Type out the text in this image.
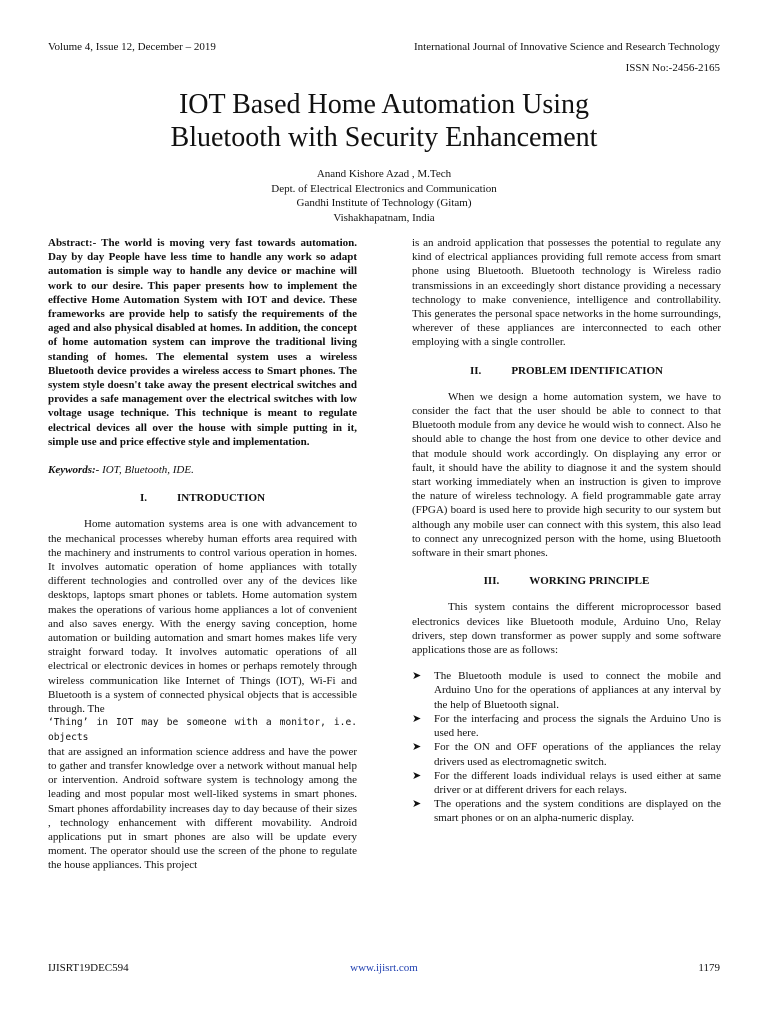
Volume 4, Issue 12, December – 2019	International Journal of Innovative Science and Research Technology
ISSN No:-2456-2165
IOT Based Home Automation Using
Bluetooth with Security Enhancement
Anand Kishore Azad , M.Tech
Dept. of Electrical Electronics and Communication
Gandhi Institute of Technology (Gitam)
Vishakhapatnam, India

Abstract:- The world is moving very fast towards automation. Day by day People have less time to handle any work so adapt automation is simple way to handle any device or machine will work to our desire. This paper presents how to implement the effective Home Automation System with IOT and device. These frameworks are provide help to satisfy the requirements of the aged and also physical disabled at homes. In addition, the concept of home automation system can improve the traditional living standing of homes. The elemental system uses a wireless Bluetooth device provides a wireless access to Smart phones. The system style doesn't take away the present electrical switches and provides a safe management over the electrical switches with low voltage usage technique. This technique is meant to regulate electrical devices all over the house with simple putting in it, simple use and price effective style and implementation.

Keywords:- IOT, Bluetooth, IDE.

I.	INTRODUCTION

Home automation systems area is one with advancement to the mechanical processes whereby human efforts area required with the machinery and instruments to control various operation in homes. It involves automatic operation of home appliances with totally different technologies and controlled over any of the devices like desktops, laptops smart phones or tablets. Home automation system makes the operations of various home appliances a lot of convenient and also saves energy. With the energy saving conception, home automation or building automation and smart homes makes life very straight forward today. It involves automatic operations of all electrical or electronic devices in homes or perhaps remotely through wireless communication like Internet of Things (IOT), Wi-Fi and Bluetooth is a system of connected physical objects that is accessible through. The

‘Thing’ in IOT may be someone with a monitor, i.e. objects

that are assigned an information science address and have the power to gather and transfer knowledge over a network without manual help or intervention. Android software system is technology among the leading and most popular most well-liked systems in smart phones. Smart phones affordability increases day to day because of their sizes , technology enhancement with different movability. Android applications put in smart phones are also will be update every moment. The operator should use the screen of the phone to regulate the house appliances. This project

is an android application that possesses the potential to regulate any kind of electrical appliances providing full remote access from smart phone using Bluetooth. Bluetooth technology is Wireless radio transmissions in an exceedingly short distance providing a necessary technology to make convenience, intelligence and controllability. This generates the personal space networks in the home surroundings, wherever of these appliances are interconnected to each other employing with a single controller.

II.	PROBLEM IDENTIFICATION

When we design a home automation system, we have to consider the fact that the user should be able to connect to that Bluetooth module from any device he would wish to connect. Also he should able to change the host from one device to other device and that module should work accordingly. On displaying any error or fault, it should have the ability to diagnose it and the system should start working immediately when an instruction is given to improve the nature of wireless technology. A field programmable gate array (FPGA) board is used here to provide high security to our system but although any mobile user can connect with this system, this also lead to connect any unrecognized person with the home, using Bluetooth software in their smart phones.

III.	WORKING PRINCIPLE

This system contains the different microprocessor based electronics devices like Bluetooth module, Arduino Uno, Relay drivers, step down transformer as power supply and some software applications those are as follows:

➤ The Bluetooth module is used to connect the mobile and Arduino Uno for the operations of appliances at any interval by the help of Bluetooth signal.
➤ For the interfacing and process the signals the Arduino Uno is used here.
➤ For the ON and OFF operations of the appliances the relay drivers used as electromagnetic switch.
➤ For the different loads individual relays is used either at same driver or at different drivers for each relays.
➤ The operations and the system conditions are displayed on the smart phones or on an alpha-numeric display.
IJISRT19DEC594	www.ijisrt.com	1179
